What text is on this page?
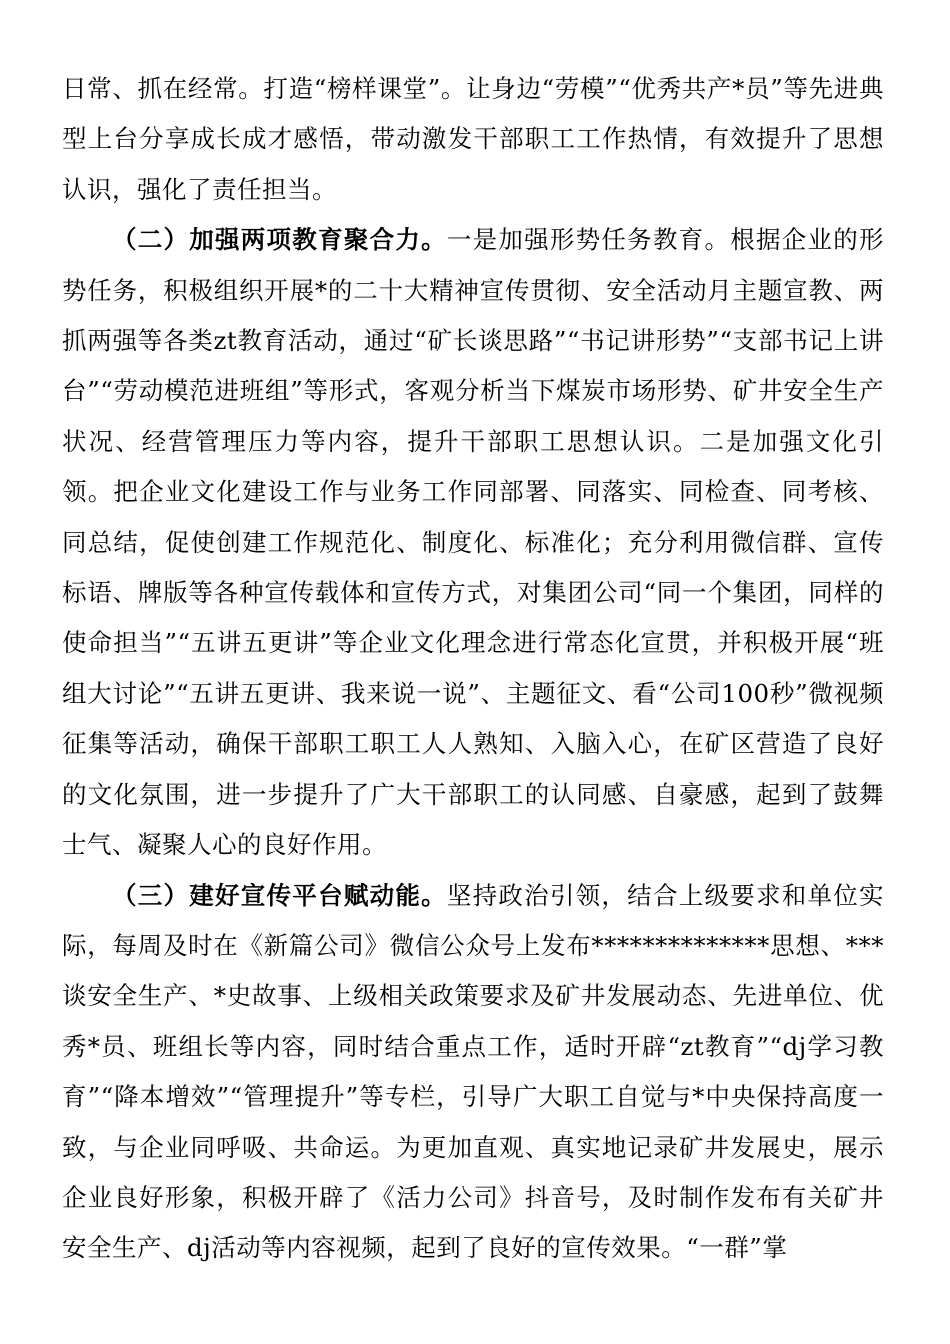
日常、抓在经常。打造“榜样课堂”。让身边“劳模”“优秀共产*员”等先进典型上台分享成长成才感悟，带动激发干部职工工作热情，有效提升了思想认识，强化了责任担当。

（二）加强两项教育聚合力。一是加强形势任务教育。根据企业的形势任务，积极组织开展*的二十大精神宣传贯彻、安全活动月主题宣教、两抓两强等各类zt教育活动，通过“矿长谈思路”“书记讲形势”“支部书记上讲台”“劳动模范进班组”等形式，客观分析当下煤炭市场形势、矿井安全生产状况、经营管理压力等内容，提升干部职工思想认识。二是加强文化引领。把企业文化建设工作与业务工作同部署、同落实、同检查、同考核、同总结，促使创建工作规范化、制度化、标准化；充分利用微信群、宣传标语、牌版等各种宣传载体和宣传方式，对集团公司“同一个集团，同样的使命担当”“五讲五更讲”等企业文化理念进行常态化宣贯，并积极开展“班组大讨论”“五讲五更讲、我来说一说”、主题征文、看“公司100秒”微视频征集等活动，确保干部职工职工人人熟知、入脑入心，在矿区营造了良好的文化氛围，进一步提升了广大干部职工的认同感、自豪感，起到了鼓舞士气、凝聚人心的良好作用。

（三）建好宣传平台赋动能。坚持政治引领，结合上级要求和单位实际，每周及时在《新篇公司》微信公众号上发布**************思想、***谈安全生产、*史故事、上级相关政策要求及矿井发展动态、先进单位、优秀*员、班组长等内容，同时结合重点工作，适时开辟“zt教育”“dj学习教育”“降本增效”“管理提升”等专栏，引导广大职工自觉与*中央保持高度一致，与企业同呼吸、共命运。为更加直观、真实地记录矿井发展史，展示企业良好形象，积极开辟了《活力公司》抖音号，及时制作发布有关矿井安全生产、dj活动等内容视频，起到了良好的宣传效果。“一群”掌
